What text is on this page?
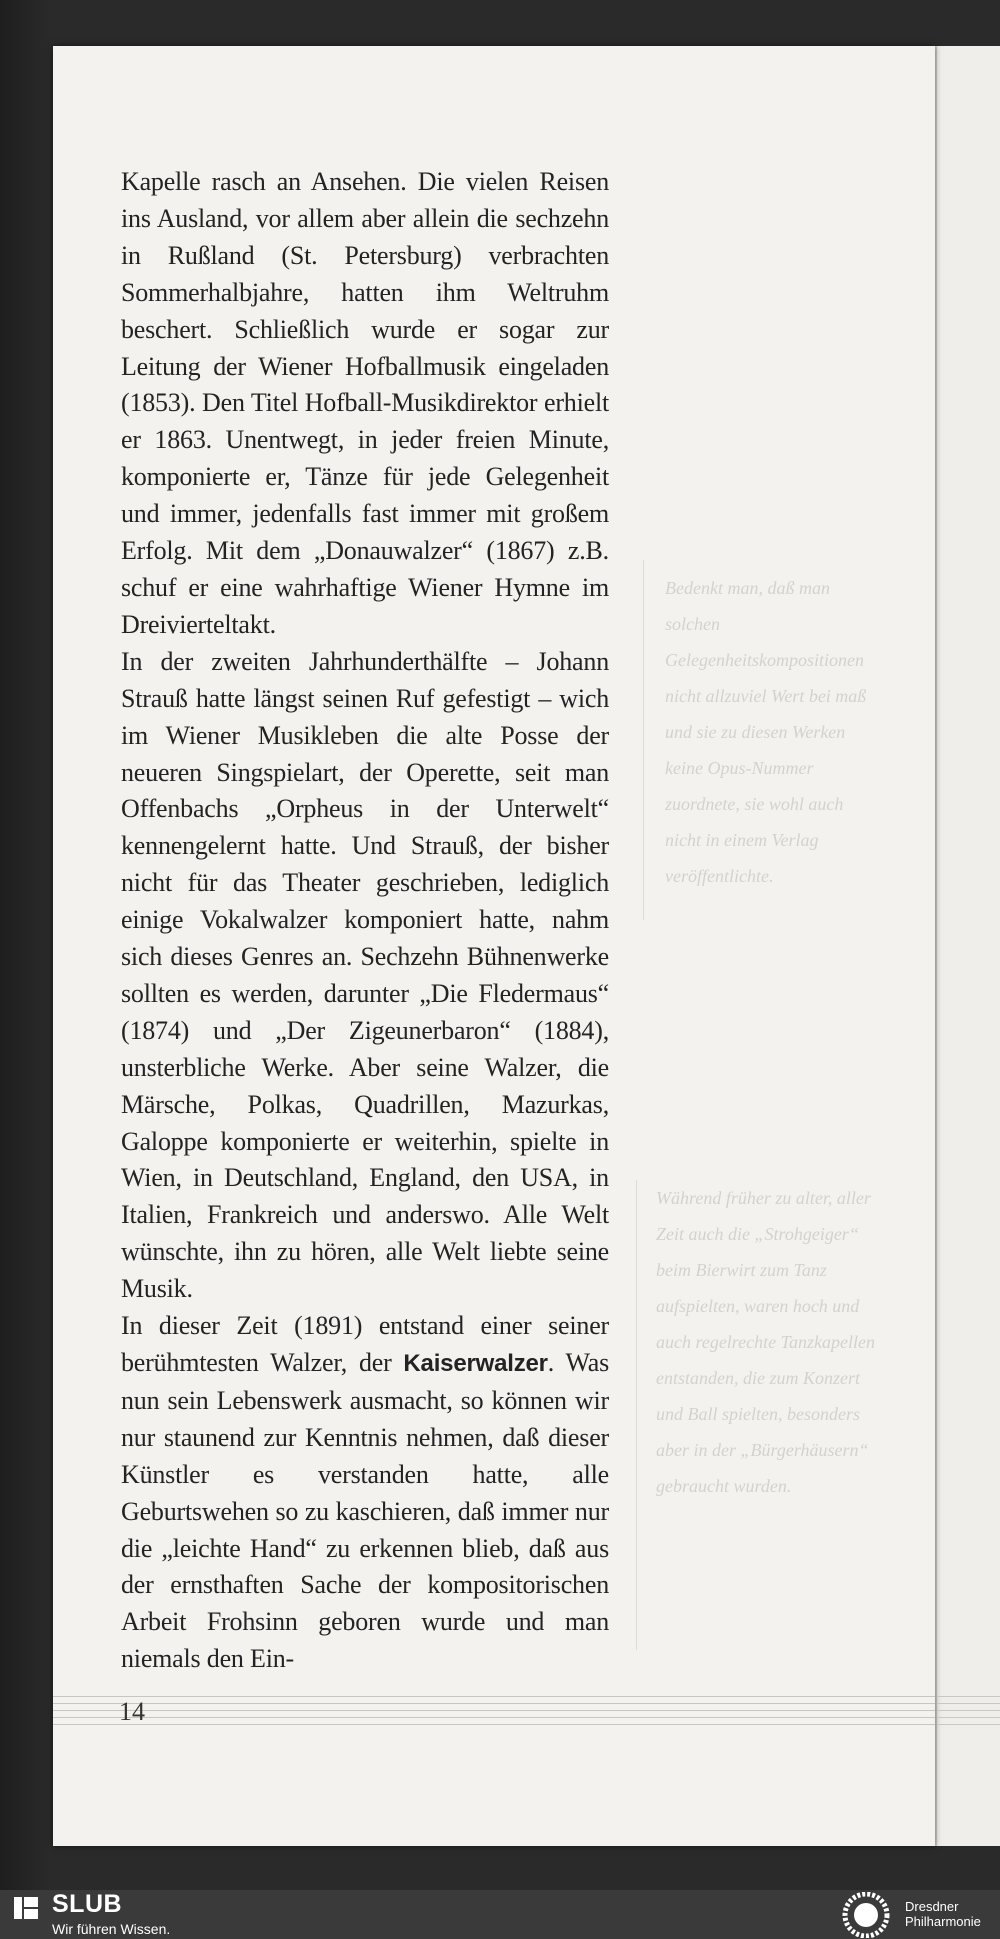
Bedenkt man, daß man solchen Gelegenheitskompositionen nicht allzuviel Wert bei maß und sie zu diesen Werken keine Opus-Nummer zuordnete, sie wohl auch nicht in einem Verlag veröffentlichte.
Während früher zu alter, aller Zeit auch die „Strohgeiger“ beim Bierwirt zum Tanz aufspielten, waren hoch und auch regelrechte Tanzkapellen entstanden, die zum Konzert und Ball spielten, besonders aber in der „Bürgerhäusern“ gebraucht wurden.

Kapelle rasch an Ansehen. Die vielen Reisen ins Ausland, vor allem aber allein die sechzehn in Rußland (St. Petersburg) verbrachten Sommerhalbjahre, hatten ihm Weltruhm beschert. Schließlich wurde er sogar zur Leitung der Wiener Hofballmusik eingeladen (1853). Den Titel Hofball-Musikdirektor erhielt er 1863. Unentwegt, in jeder freien Minute, komponierte er, Tänze für jede Gelegenheit und immer, jedenfalls fast immer mit großem Erfolg. Mit dem „Donauwalzer“ (1867) z.B. schuf er eine wahrhaftige Wiener Hymne im Dreivierteltakt.

In der zweiten Jahrhunderthälfte – Johann Strauß hatte längst seinen Ruf gefestigt – wich im Wiener Musikleben die alte Posse der neueren Singspielart, der Operette, seit man Offenbachs „Orpheus in der Unterwelt“ kennengelernt hatte. Und Strauß, der bisher nicht für das Theater geschrieben, lediglich einige Vokalwalzer komponiert hatte, nahm sich dieses Genres an. Sechzehn Bühnenwerke sollten es werden, darunter „Die Fledermaus“ (1874) und „Der Zigeunerbaron“ (1884), unsterbliche Werke. Aber seine Walzer, die Märsche, Polkas, Quadrillen, Mazurkas, Galoppe komponierte er weiterhin, spielte in Wien, in Deutschland, England, den USA, in Italien, Frankreich und anderswo. Alle Welt wünschte, ihn zu hören, alle Welt liebte seine Musik.

In dieser Zeit (1891) entstand einer seiner berühmtesten Walzer, der Kaiserwalzer. Was nun sein Lebenswerk ausmacht, so können wir nur staunend zur Kenntnis nehmen, daß dieser Künstler es verstanden hatte, alle Geburtswehen so zu kaschieren, daß immer nur die „leichte Hand“ zu erkennen blieb, daß aus der ernsthaften Sache der kompositorischen Arbeit Frohsinn geboren wurde und man niemals den Ein-

14
SLUB
Wir führen Wissen.
Dresdner
Philharmonie
